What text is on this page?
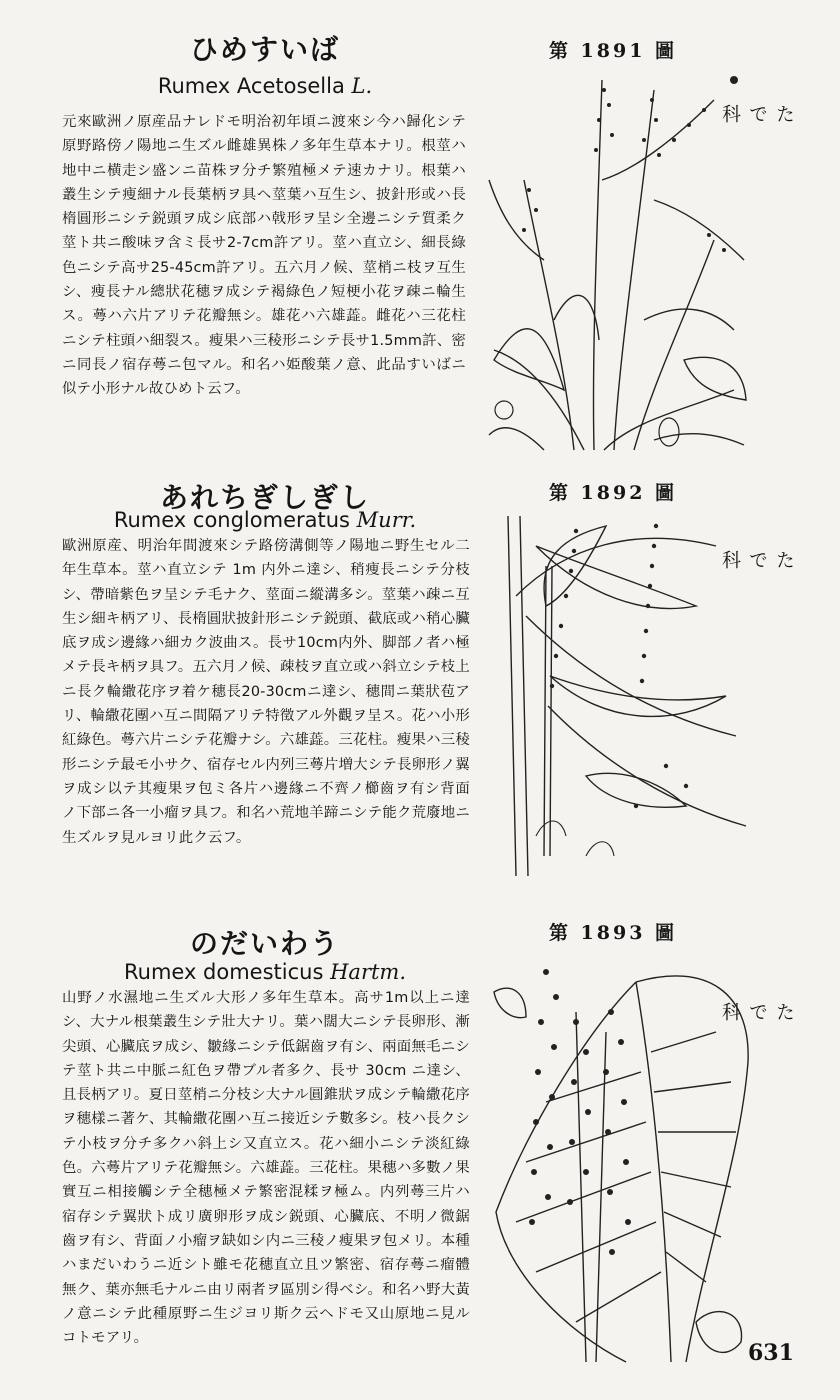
ひめすいば
Rumex Acetosella L.
元來歐洲ノ原産品ナレドモ明治初年頃ニ渡來シ今ハ歸化シテ原野路傍ノ陽地ニ生ズル雌雄異株ノ多年生草本ナリ。根莖ハ地中ニ横走シ盛ンニ苗株ヲ分チ繁殖極メテ速カナリ。根葉ハ叢生シテ痩細ナル長葉柄ヲ具ヘ莖葉ハ互生シ、披針形或ハ長楕圓形ニシテ鋭頭ヲ成シ底部ハ戟形ヲ呈シ全邊ニシテ質柔ク莖ト共ニ酸味ヲ含ミ長サ2-7cm許アリ。莖ハ直立シ、細長綠色ニシテ高サ25-45cm許アリ。五六月ノ候、莖梢ニ枝ヲ互生シ、痩長ナル總狀花穗ヲ成シテ褐綠色ノ短梗小花ヲ疎ニ輪生ス。蕚ハ六片アリテ花瓣無シ。雄花ハ六雄蕋。雌花ハ三花柱ニシテ柱頭ハ細裂ス。瘦果ハ三稜形ニシテ長サ1.5mm許、密ニ同長ノ宿存蕚ニ包マル。和名ハ姫酸葉ノ意、此品すいばニ似テ小形ナル故ひめト云フ。
第 1891 圖
たで科
あれちぎしぎし
Rumex conglomeratus Murr.
歐洲原産、明治年間渡來シテ路傍溝側等ノ陽地ニ野生セル二年生草本。莖ハ直立シテ 1m 内外ニ達シ、稍痩長ニシテ分枝シ、帶暗紫色ヲ呈シテ毛ナク、莖面ニ縱溝多シ。莖葉ハ疎ニ互生シ細キ柄アリ、長楕圓狀披針形ニシテ鋭頭、截底或ハ稍心臟底ヲ成シ邊緣ハ細カク波曲ス。長サ10cm内外、脚部ノ者ハ極メテ長キ柄ヲ具フ。五六月ノ候、疎枝ヲ直立或ハ斜立シテ枝上ニ長ク輪繖花序ヲ着ケ穗長20-30cmニ達シ、穗間ニ葉狀苞アリ、輪繖花團ハ互ニ間隔アリテ特徵アル外觀ヲ呈ス。花ハ小形紅綠色。蕚六片ニシテ花瓣ナシ。六雄蕋。三花柱。瘦果ハ三稜形ニシテ最モ小サク、宿存セル内列三蕚片増大シテ長卵形ノ翼ヲ成シ以テ其瘦果ヲ包ミ各片ハ邊緣ニ不齊ノ櫛齒ヲ有シ背面ノ下部ニ各一小瘤ヲ具フ。和名ハ荒地羊蹄ニシテ能ク荒廢地ニ生ズルヲ見ルヨリ此ク云フ。
第 1892 圖
たで科
のだいわう
Rumex domesticus Hartm.
山野ノ水濕地ニ生ズル大形ノ多年生草本。高サ1m以上ニ達シ、大ナル根葉叢生シテ壯大ナリ。葉ハ闊大ニシテ長卵形、漸尖頭、心臟底ヲ成シ、皺緣ニシテ低鋸齒ヲ有シ、兩面無毛ニシテ莖ト共ニ中脈ニ紅色ヲ帶ブル者多ク、長サ 30cm ニ達シ、且長柄アリ。夏日莖梢ニ分枝シ大ナル圓錐狀ヲ成シテ輪繖花序ヲ穗樣ニ著ケ、其輪繖花團ハ互ニ接近シテ數多シ。枝ハ長クシテ小枝ヲ分チ多クハ斜上シ又直立ス。花ハ細小ニシテ淡紅綠色。六蕚片アリテ花瓣無シ。六雄蕋。三花柱。果穗ハ多數ノ果實互ニ相接觸シテ全穗極メテ繁密混糅ヲ極ム。内列蕚三片ハ宿存シテ翼狀ト成リ廣卵形ヲ成シ鋭頭、心臟底、不明ノ微鋸齒ヲ有シ、背面ノ小瘤ヲ缺如シ内ニ三稜ノ瘦果ヲ包メリ。本種ハまだいわうニ近シト雖モ花穗直立且ツ繁密、宿存蕚ニ瘤體無ク、葉亦無毛ナルニ由リ兩者ヲ區別シ得ベシ。和名ハ野大黃ノ意ニシテ此種原野ニ生ジヨリ斯ク云ヘドモ又山原地ニ見ルコトモアリ。
第 1893 圖
たで科
631
